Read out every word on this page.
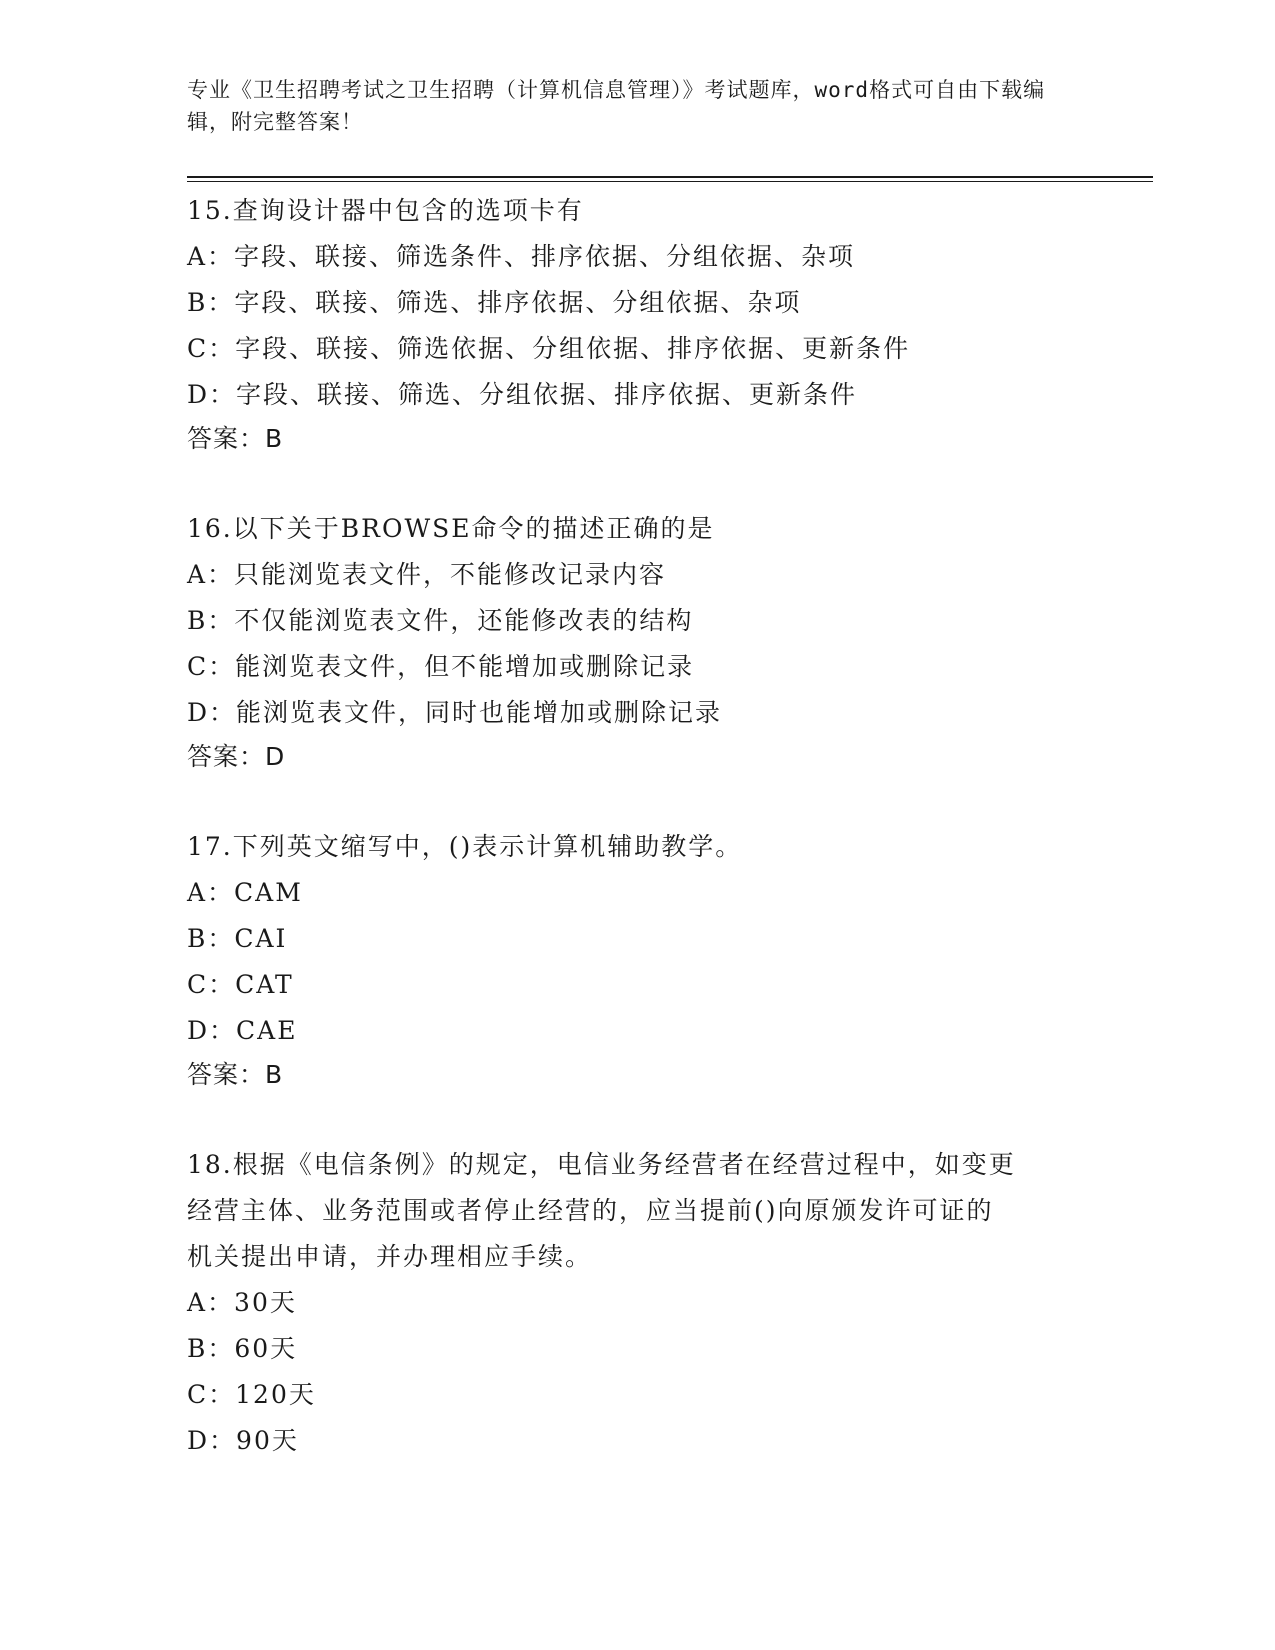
专业《卫生招聘考试之卫生招聘（计算机信息管理）》考试题库，word格式可自由下载编辑，附完整答案！
15.查询设计器中包含的选项卡有
A：字段、联接、筛选条件、排序依据、分组依据、杂项
B：字段、联接、筛选、排序依据、分组依据、杂项
C：字段、联接、筛选依据、分组依据、排序依据、更新条件
D：字段、联接、筛选、分组依据、排序依据、更新条件
答案：B
16.以下关于BROWSE命令的描述正确的是
A：只能浏览表文件，不能修改记录内容
B：不仅能浏览表文件，还能修改表的结构
C：能浏览表文件，但不能增加或删除记录
D：能浏览表文件，同时也能增加或删除记录
答案：D
17.下列英文缩写中，()表示计算机辅助教学。
A：CAM
B：CAI
C：CAT
D：CAE
答案：B
18.根据《电信条例》的规定，电信业务经营者在经营过程中，如变更
经营主体、业务范围或者停止经营的，应当提前()向原颁发许可证的
机关提出申请，并办理相应手续。
A：30天
B：60天
C：120天
D：90天
